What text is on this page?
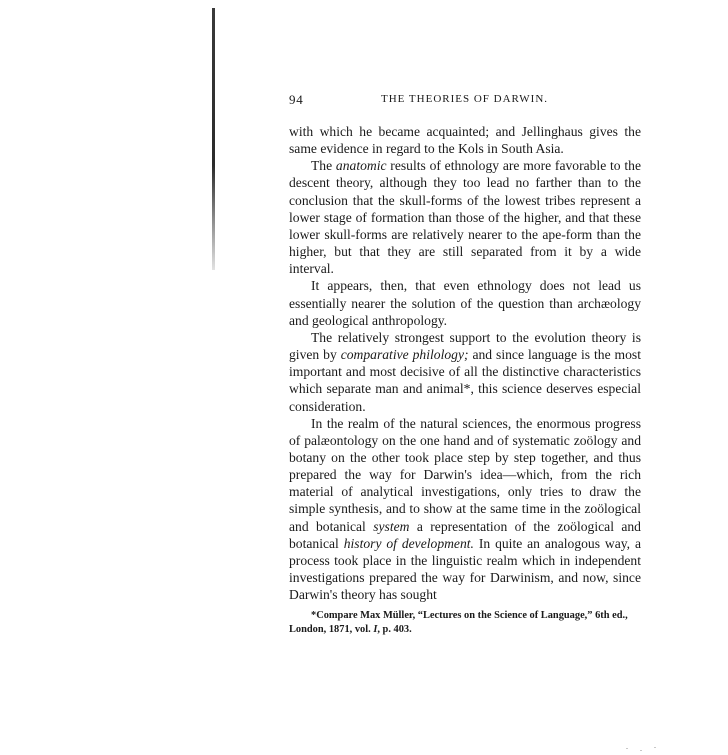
94	THE THEORIES OF DARWIN.

with which he became acquainted; and Jellinghaus gives the same evidence in regard to the Kols in South Asia.

The anatomic results of ethnology are more favorable to the descent theory, although they too lead no farther than to the conclusion that the skull-forms of the lowest tribes represent a lower stage of formation than those of the higher, and that these lower skull-forms are relatively nearer to the ape-form than the higher, but that they are still separated from it by a wide interval.

It appears, then, that even ethnology does not lead us essentially nearer the solution of the question than archæology and geological anthropology.

The relatively strongest support to the evolution theory is given by comparative philology; and since language is the most important and most decisive of all the distinctive characteristics which separate man and animal*, this science deserves especial consideration.

In the realm of the natural sciences, the enormous progress of palæontology on the one hand and of systematic zoölogy and botany on the other took place step by step together, and thus prepared the way for Darwin's idea—which, from the rich material of analytical investigations, only tries to draw the simple synthesis, and to show at the same time in the zoölogical and botanical system a representation of the zoölogical and botanical history of development. In quite an analogous way, a process took place in the linguistic realm which in independent investigations prepared the way for Darwinism, and now, since Darwin's theory has sought

*Compare Max Müller, “Lectures on the Science of Language,” 6th ed., London, 1871, vol. I, p. 403.
